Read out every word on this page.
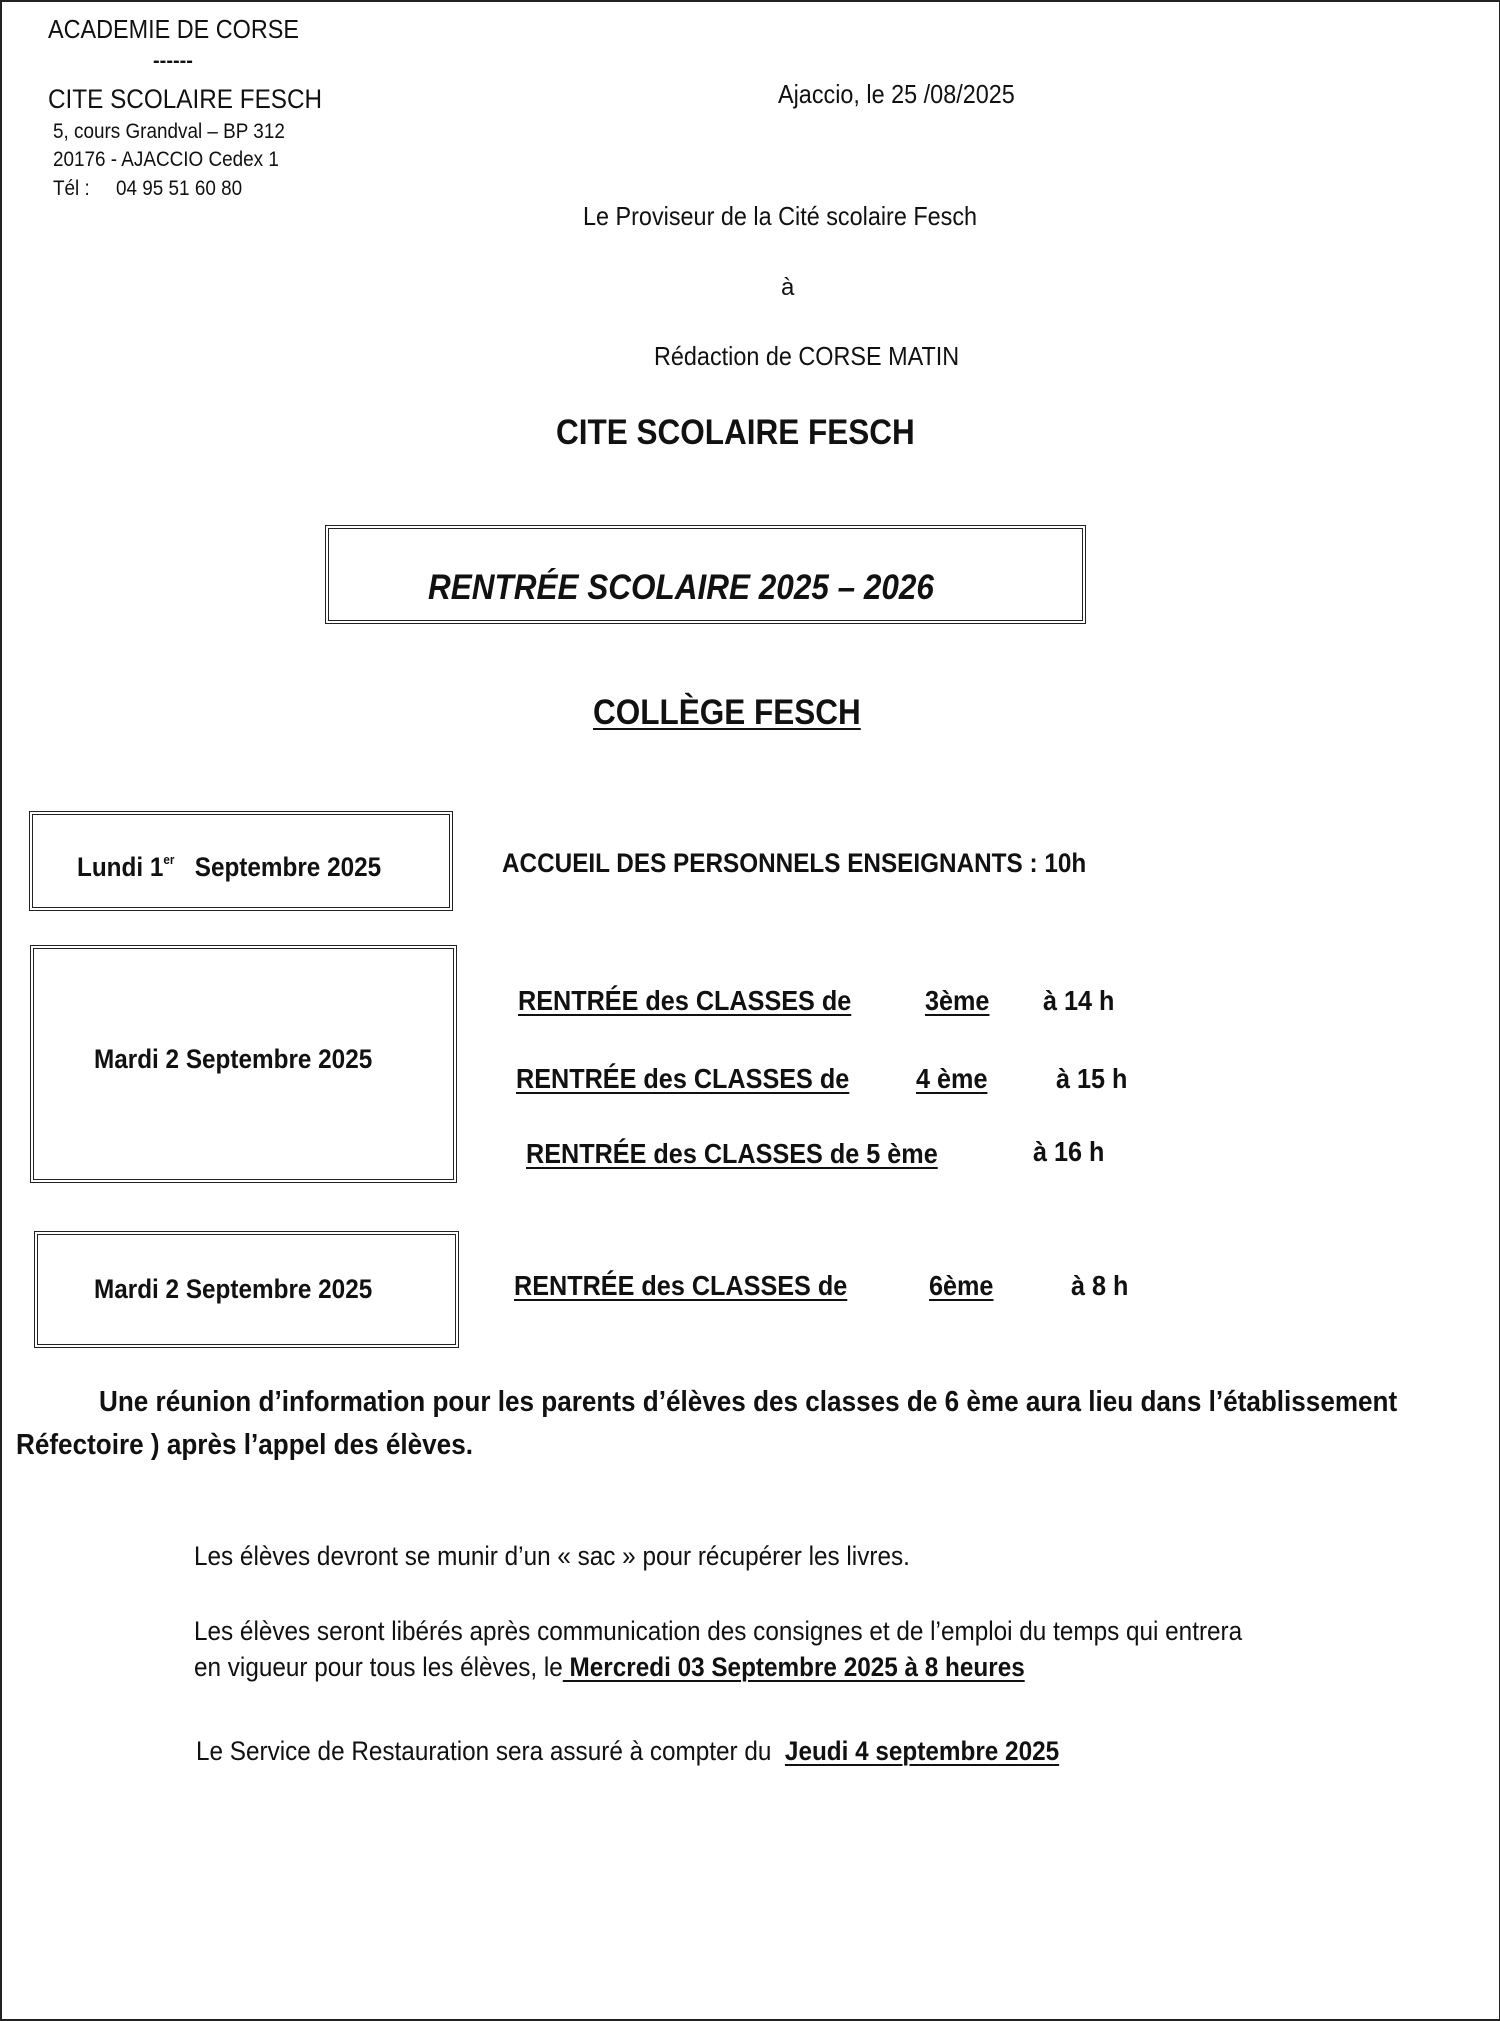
ACADEMIE DE CORSE
------
CITE SCOLAIRE FESCH
5, cours Grandval – BP 312
20176 - AJACCIO Cedex 1
Tél : 04 95 51 60 80
Ajaccio, le 25 /08/2025
Le Proviseur de la Cité scolaire Fesch
à
Rédaction de CORSE MATIN
CITE SCOLAIRE FESCH
RENTRÉE SCOLAIRE 2025 – 2026
COLLÈGE FESCH
Lundi 1er Septembre 2025	ACCUEIL DES PERSONNELS ENSEIGNANTS : 10h
Mardi 2 Septembre 2025
RENTRÉE des CLASSES de	3ème à 14 h
RENTRÉE des CLASSES de 4 ème à 15 h
RENTRÉE des CLASSES de 5 ème	à 16 h
Mardi 2 Septembre 2025	RENTRÉE des CLASSES de	6ème	à 8 h
Une réunion d’information pour les parents d’élèves des classes de 6 ème aura lieu dans l’établissement
Réfectoire ) après l’appel des élèves.
Les élèves devront se munir d’un « sac » pour récupérer les livres.
Les élèves seront libérés après communication des consignes et de l’emploi du temps qui entrera
en vigueur pour tous les élèves, le Mercredi 03 Septembre 2025 à 8 heures
Le Service de Restauration sera assuré à compter du Jeudi 4 septembre 2025
